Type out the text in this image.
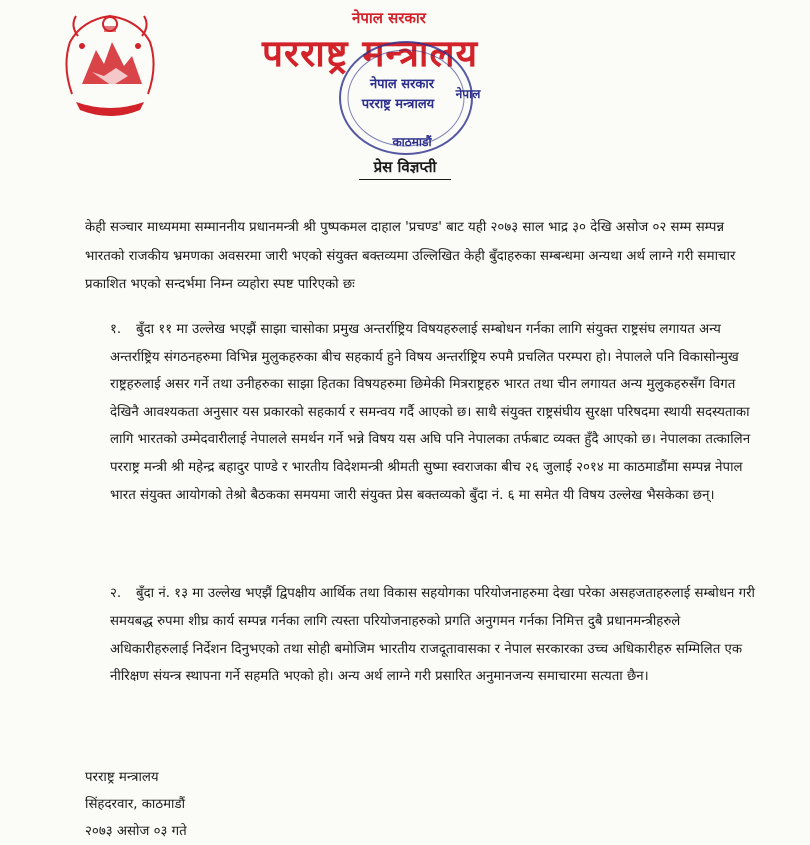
नेपाल सरकार
परराष्ट्र मन्त्रालय
नेपाल सरकार
परराष्ट्र मन्त्रालय
काठमाडौं
नेपाल
प्रेस विज्ञप्ती

केही सञ्चार माध्यममा सम्माननीय प्रधानमन्त्री श्री पुष्पकमल दाहाल 'प्रचण्ड' बाट यही २०७३ साल भाद्र ३० देखि असोज ०२ सम्म सम्पन्न भारतको राजकीय भ्रमणका अवसरमा जारी भएको संयुक्त बक्तव्यमा उल्लिखित केही बुँदाहरुका सम्बन्धमा अन्यथा अर्थ लाग्ने गरी समाचार प्रकाशित भएको सन्दर्भमा निम्न व्यहोरा स्पष्ट पारिएको छः

१.	बुँदा ११ मा उल्लेख भएझैं साझा चासोका प्रमुख अन्तर्राष्ट्रिय विषयहरुलाई सम्बोधन गर्नका लागि संयुक्त राष्ट्रसंघ लगायत अन्य अन्तर्राष्ट्रिय संगठनहरुमा विभिन्न मुलुकहरुका बीच सहकार्य हुने विषय अन्तर्राष्ट्रिय रुपमै प्रचलित परम्परा हो। नेपालले पनि विकासोन्मुख राष्ट्रहरुलाई असर गर्ने तथा उनीहरुका साझा हितका विषयहरुमा छिमेकी मित्रराष्ट्रहरु भारत तथा चीन लगायत अन्य मुलुकहरुसँग विगत देखिनै आवश्यकता अनुसार यस प्रकारको सहकार्य र समन्वय गर्दै आएको छ। साथै संयुक्त राष्ट्रसंघीय सुरक्षा परिषदमा स्थायी सदस्यताका लागि भारतको उम्मेदवारीलाई नेपालले समर्थन गर्ने भन्ने विषय यस अघि पनि नेपालका तर्फबाट व्यक्त हुँदै आएको छ। नेपालका तत्कालिन परराष्ट्र मन्त्री श्री महेन्द्र बहादुर पाण्डे र भारतीय विदेशमन्त्री श्रीमती सुष्मा स्वराजका बीच २६ जुलाई २०१४ मा काठमाडौंमा सम्पन्न नेपाल भारत संयुक्त आयोगको तेश्रो बैठकका समयमा जारी संयुक्त प्रेस बक्तव्यको बुँदा नं. ६ मा समेत यी विषय उल्लेख भैसकेका छन्।

२.	बुँदा नं. १३ मा उल्लेख भएझैं द्विपक्षीय आर्थिक तथा विकास सहयोगका परियोजनाहरुमा देखा परेका असहजताहरुलाई सम्बोधन गरी समयबद्ध रुपमा शीघ्र कार्य सम्पन्न गर्नका लागि त्यस्ता परियोजनाहरुको प्रगति अनुगमन गर्नका निमित्त दुबै प्रधानमन्त्रीहरुले अधिकारीहरुलाई निर्देशन दिनुभएको तथा सोही बमोजिम भारतीय राजदूतावासका र नेपाल सरकारका उच्च अधिकारीहरु सम्मिलित एक नीरिक्षण संयन्त्र स्थापना गर्ने सहमति भएको हो। अन्य अर्थ लाग्ने गरी प्रसारित अनुमानजन्य समाचारमा सत्यता छैन।

परराष्ट्र मन्त्रालय
सिंहदरवार, काठमाडौं
२०७३ असोज ०३ गते
